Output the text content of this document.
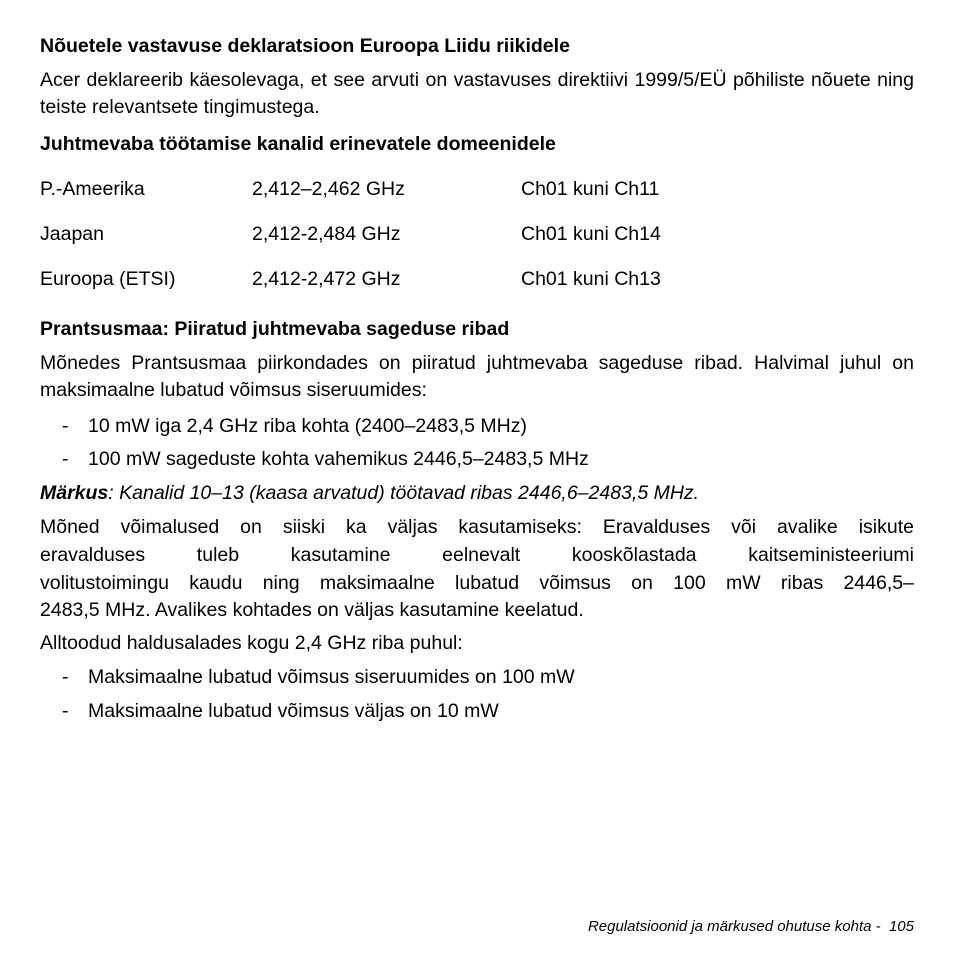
Nõuetele vastavuse deklaratsioon Euroopa Liidu riikidele

Acer deklareerib käesolevaga, et see arvuti on vastavuses direktiivi 1999/5/EÜ põhiliste nõuete ning teiste relevantsete tingimustega.

Juhtmevaba töötamise kanalid erinevatele domeenidele
P.-Ameerika	2,412–2,462 GHz	Ch01 kuni Ch11
Jaapan	2,412-2,484 GHz	Ch01 kuni Ch14
Euroopa (ETSI)	2,412-2,472 GHz	Ch01 kuni Ch13
Prantsusmaa: Piiratud juhtmevaba sageduse ribad

Mõnedes Prantsusmaa piirkondades on piiratud juhtmevaba sageduse ribad. Halvimal juhul on maksimaalne lubatud võimsus siseruumides:

- 10 mW iga 2,4 GHz riba kohta (2400–2483,5 MHz)
- 100 mW sageduste kohta vahemikus 2446,5–2483,5 MHz

Märkus: Kanalid 10–13 (kaasa arvatud) töötavad ribas 2446,6–2483,5 MHz.

Mõned võimalused on siiski ka väljas kasutamiseks: Eravalduses või avalike isikute

eravalduses tuleb kasutamine eelnevalt kooskõlastada kaitseministeeriumi

volitustoimingu kaudu ning maksimaalne lubatud võimsus on 100 mW ribas 2446,5–

2483,5 MHz. Avalikes kohtades on väljas kasutamine keelatud.

Alltoodud haldusalades kogu 2,4 GHz riba puhul:

- Maksimaalne lubatud võimsus siseruumides on 100 mW
- Maksimaalne lubatud võimsus väljas on 10 mW
Regulatsioonid ja märkused ohutuse kohta - 105
